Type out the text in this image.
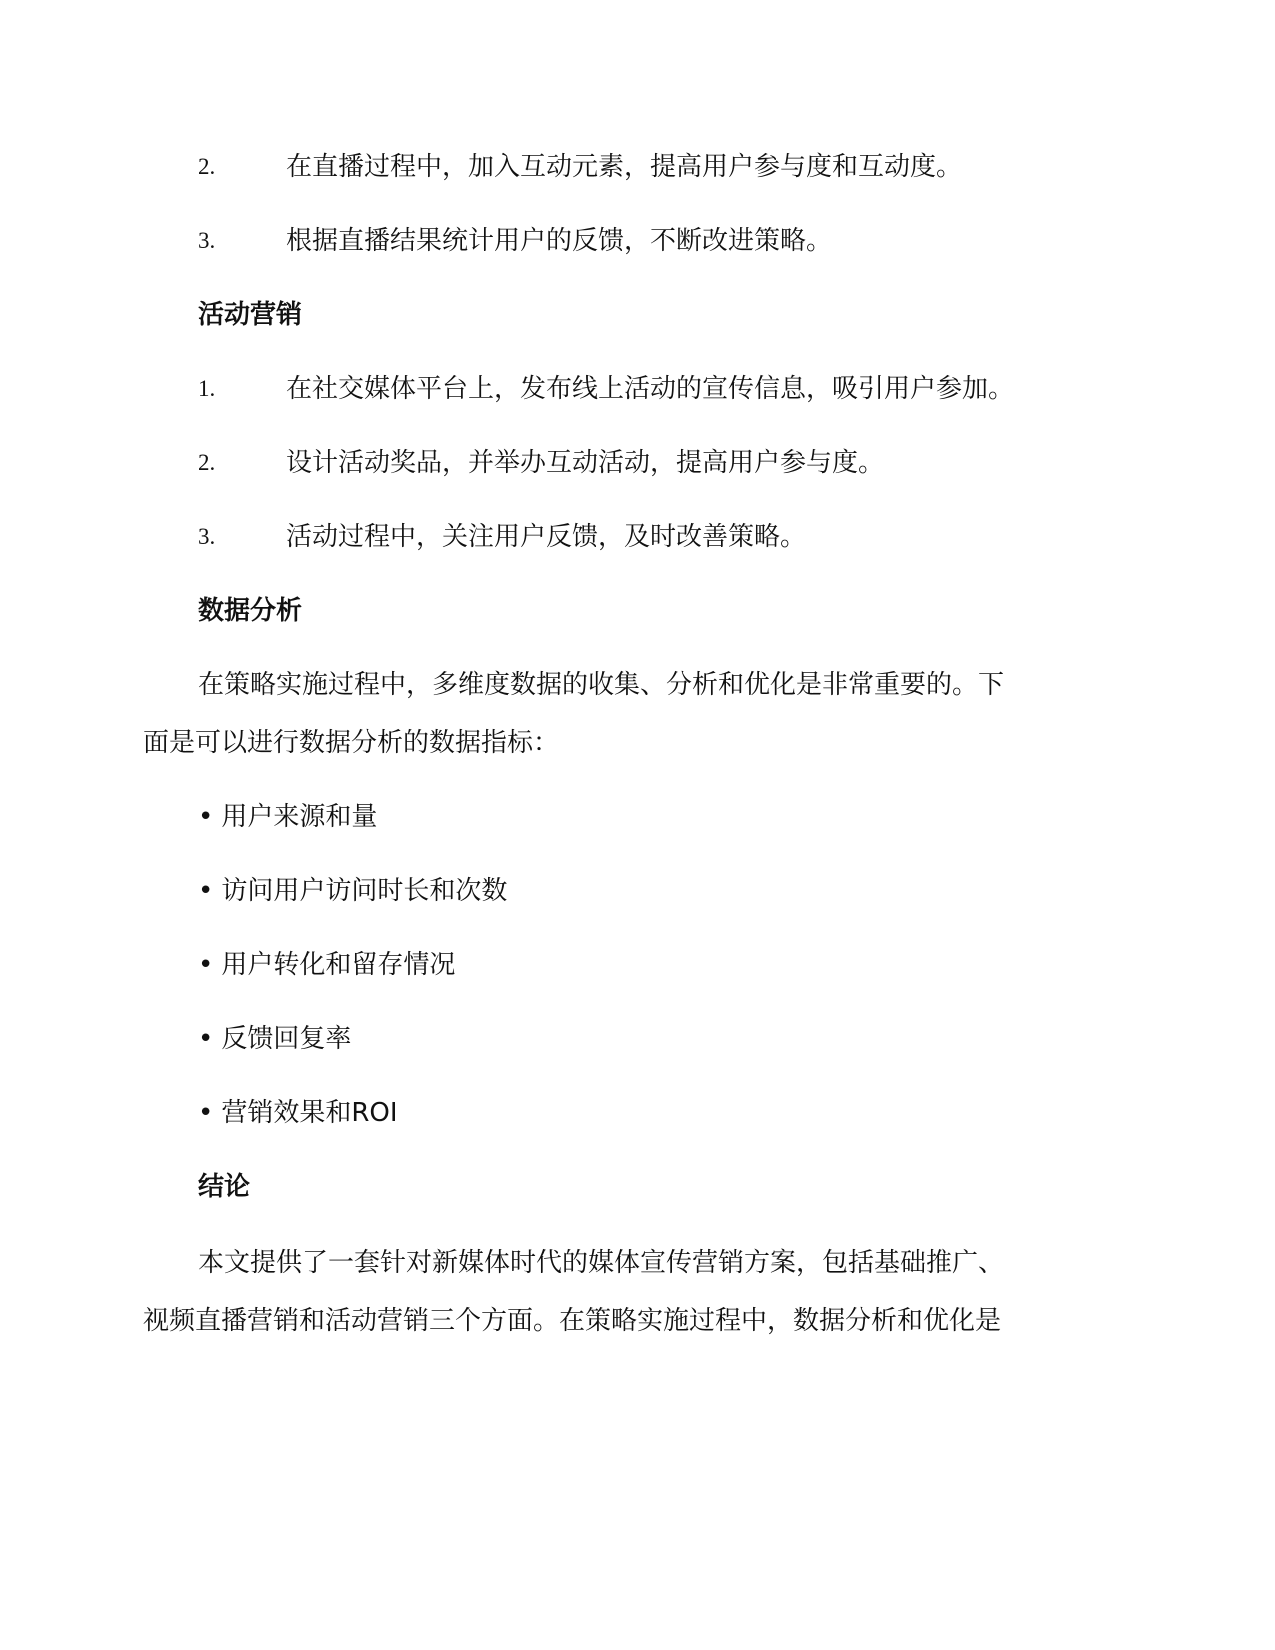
2.	在直播过程中，加入互动元素，提高用户参与度和互动度。
3.	根据直播结果统计用户的反馈，不断改进策略。
活动营销
1.	在社交媒体平台上，发布线上活动的宣传信息，吸引用户参加。
2.	设计活动奖品，并举办互动活动，提高用户参与度。
3.	活动过程中，关注用户反馈，及时改善策略。
数据分析
在策略实施过程中，多维度数据的收集、分析和优化是非常重要的。下
面是可以进行数据分析的数据指标：
• 用户来源和量
• 访问用户访问时长和次数
• 用户转化和留存情况
• 反馈回复率
• 营销效果和ROI
结论
本文提供了一套针对新媒体时代的媒体宣传营销方案，包括基础推广、
视频直播营销和活动营销三个方面。在策略实施过程中，数据分析和优化是
